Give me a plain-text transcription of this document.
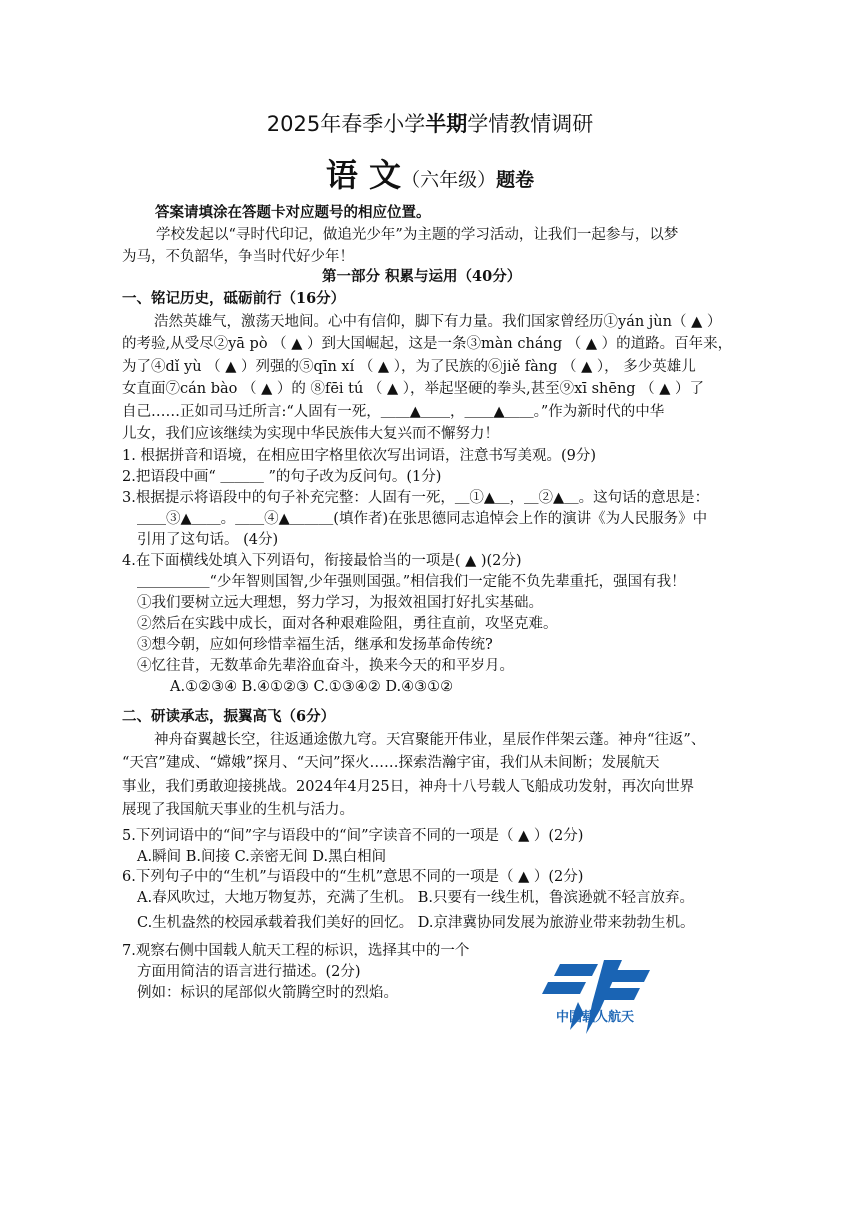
2025年春季小学半期学情教情调研
语 文（六年级）题卷
答案请填涂在答题卡对应题号的相应位置。
学校发起以“寻时代印记，做追光少年”为主题的学习活动，让我们一起参与，以梦
为马，不负韶华，争当时代好少年！
第一部分 积累与运用（40分）
一、铭记历史，砥砺前行（16分）
浩然英雄气，激荡天地间。心中有信仰，脚下有力量。我们国家曾经历①yán jùn（ ▲ ）
的考验,从受尽②yā pò （ ▲ ）到大国崛起，这是一条③màn cháng （ ▲ ）的道路。百年来，
为了④dǐ yù （ ▲ ）列强的⑤qīn xí （ ▲ ），为了民族的⑥jiě fàng （ ▲ ）， 多少英雄儿
女直面⑦cán bào （ ▲ ）的 ⑧fēi tú （ ▲ ），举起坚硬的拳头,甚至⑨xī shēng （ ▲ ）了
自己……正如司马迁所言:“人固有一死，＿＿▲＿＿，＿＿▲＿＿。”作为新时代的中华
儿女，我们应该继续为实现中华民族伟大复兴而不懈努力！
1. 根据拼音和语境，在相应田字格里依次写出词语，注意书写美观。(9分)
2.把语段中画“ ＿＿＿ ”的句子改为反问句。(1分)
3.根据提示将语段中的句子补充完整：人固有一死，＿①▲＿，＿②▲＿。这句话的意思是：
＿＿③▲＿＿。＿＿④▲＿＿＿(填作者)在张思德同志追悼会上作的演讲《为人民服务》中
引用了这句话。 (4分)
4.在下面横线处填入下列语句，衔接最恰当的一项是( ▲ )(2分)
＿＿＿＿＿“少年智则国智,少年强则国强。”相信我们一定能不负先辈重托，强国有我！
①我们要树立远大理想，努力学习，为报效祖国打好扎实基础。
②然后在实践中成长，面对各种艰难险阻，勇往直前，攻坚克难。
③想今朝，应如何珍惜幸福生活，继承和发扬革命传统?
④忆往昔，无数革命先辈浴血奋斗，换来今天的和平岁月。
A.①②③④ B.④①②③ C.①③④② D.④③①②
二、研读承志，振翼高飞（6分）
神舟奋翼越长空，往返通途傲九穹。天宫聚能开伟业，星辰作伴架云蓬。神舟“往返”、
“天宫”建成、“嫦娥”探月、“天问”探火……探索浩瀚宇宙，我们从未间断；发展航天
事业，我们勇敢迎接挑战。2024年4月25日，神舟十八号载人飞船成功发射，再次向世界
展现了我国航天事业的生机与活力。
5.下列词语中的“间”字与语段中的“间”字读音不同的一项是（ ▲ ）(2分)
A.瞬间 B.间接 C.亲密无间 D.黑白相间
6.下列句子中的“生机”与语段中的“生机”意思不同的一项是（ ▲ ）(2分)
A.春风吹过，大地万物复苏，充满了生机。 B.只要有一线生机，鲁滨逊就不轻言放弃。
C.生机盎然的校园承载着我们美好的回忆。 D.京津冀协同发展为旅游业带来勃勃生机。
7.观察右侧中国载人航天工程的标识，选择其中的一个
方面用简洁的语言进行描述。(2分)
例如：标识的尾部似火箭腾空时的烈焰。
中国载人航天
